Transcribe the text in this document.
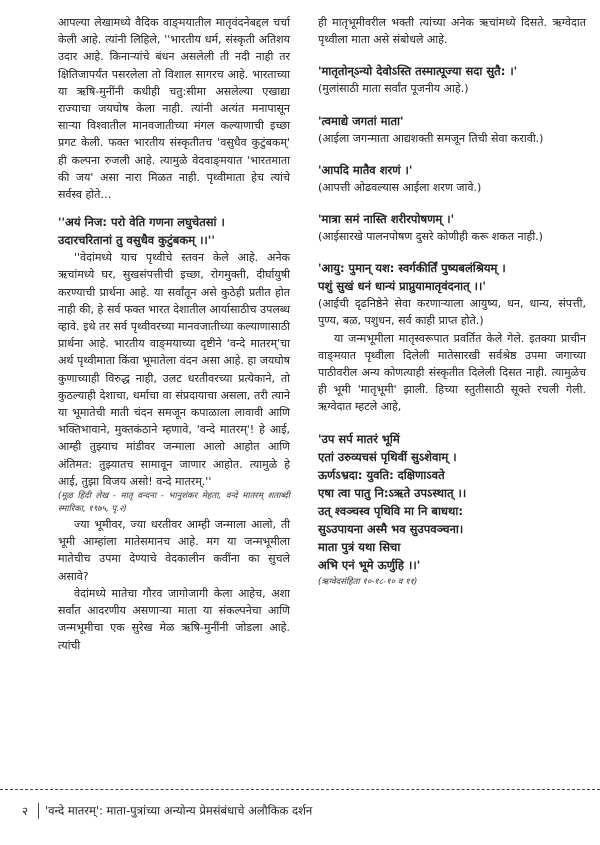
आपल्या लेखामध्ये वैदिक वाङ्‍मयातील मातृवंदनेबद्दल चर्चा केली आहे. त्यांनी लिहिले, ''भारतीय धर्म, संस्कृती अतिशय उदार आहे. किनाऱ्यांचे बंधन असलेली ती नदी नाही तर क्षितिजापर्यंत पसरलेला तो विशाल सागरच आहे. भारताच्या या ऋषि-मुनींनी कधीही चतु:सीमा असलेल्या एखाद्या राज्याचा जयघोष केला नाही. त्यांनी अत्यंत मनापासून साऱ्या विश्वातील मानवजातीच्या मंगल कल्याणाची इच्छा प्रगट केली. फक्त भारतीय संस्कृतीतच 'वसुधैव कुटुंबकम्‌' ही कल्पना रुजली आहे. त्यामुळे वेदवाङ्‍मयात 'भारतमाता की जय' असा नारा मिळत नाही. पृथ्वीमाता हेच त्यांचे सर्वस्व होते…

''अयं निज: परो वेति गणना लघुचेतसां ।

उदारचरितानां तु वसुधैव कुटुंबकम्‌ ।।''

''वेदांमध्ये याच पृथ्वीचे स्तवन केले आहे. अनेक ऋचांमध्ये घर, सुखसंपत्तीची इच्छा, रोगमुक्ती, दीर्घायुषी करण्याची प्रार्थना आहे. या सर्वांतून असे कुठेही प्रतीत होत नाही की, हे सर्व फक्त भारत देशातील आर्यासाठीच उपलब्ध व्हावे. इथे तर सर्व पृथ्वीवरच्या मानवजातीच्या कल्याणासाठी प्रार्थना आहे. भारतीय वाङ्‍मयाच्या दृष्टीने 'वन्दे मातरम्‌'चा अर्थ पृथ्वीमाता किंवा भूमातेला वंदन असा आहे. हा जयघोष कुणाच्याही विरुद्ध नाही, उलट धरतीवरच्या प्रत्येकाने, तो कुठल्याही देशाचा, धर्माचा वा संप्रदायाचा असला, तरी त्याने या भूमातेची माती चंदन समजून कपाळाला लावावी आणि भक्तिभावाने, मुक्तकंठाने म्हणावे, 'वन्दे मातरम्‌'! हे आई, आम्ही तुझ्याच मांडीवर जन्माला आलो आहोत आणि अंतिमत: तुझ्यातच सामावून जाणार आहोत. त्यामुळे हे आई, तुझा विजय असो! वन्दे मातरम्‌.''

(मूळ हिंदी लेख - मातृ वन्दना - भानुशंकर मेहता, वन्दे मातरम्‌ शताब्दी स्मारिका, १९७५, पृ.२)

ज्या भूमीवर, ज्या धरतीवर आम्ही जन्माला आलो, ती भूमी आम्हांला मातेसमानच आहे. मग या जन्मभूमीला मातेचीच उपमा देण्याचे वेदकालीन कवींना का सुचले असावे?

वेदांमध्ये मातेचा गौरव जागोजागी केला आहेच, अशा सर्वांत आदरणीय असणाऱ्या माता या संकल्पनेचा आणि जन्मभूमीचा एक सुरेख मेळ ऋषि-मुनींनी जोडला आहे. त्यांची

ही मातृभूमीवरील भक्ती त्यांच्या अनेक ऋचांमध्ये दिसते. ऋग्वेदात पृथ्वीला माता असे संबोधले आहे.

'मातृतोन्ऽन्यो देवोऽस्ति तस्मात्पूज्या सदा सुतै: ।'

(मुलांसाठी माता सर्वांत पूजनीय आहे.)

'त्वमाद्ये जगतां माता'

(आईला जगन्माता आद्यशक्ती समजून तिची सेवा करावी.)

'आपदि मातैव शरणं ।'

(आपत्ती ओढवल्यास आईला शरण जावे.)

'मात्रा समं नास्ति शरीरपोषणम्‌ ।'

(आईसारखे पालनपोषण दुसरे कोणीही करू शकत नाही.)

'आयु: पुमान्‌ यश: स्वर्गकीर्तिं पुष्यबलंश्रियम्‌ ।

पशुं सुखं धनं धान्यं प्राप्नुयामातृवंदनात्‌ ।।'

(आईची दृढनिष्ठेने सेवा करणाऱ्याला आयुष्य, धन, धान्य, संपत्ती, पुण्य, बळ, पशुधन, सर्व काही प्राप्त होते.)

या जन्मभूमीला मातृस्वरूपात प्रवर्तित केले गेले. इतक्या प्राचीन वाङ्‍मयात पृथ्वीला दिलेली मातेसारखी सर्वश्रेष्ठ उपमा जगाच्या पाठीवरील अन्य कोणत्याही संस्कृतीत दिलेली दिसत नाही. त्यामुळेच ही भूमी 'मातृभूमी' झाली. हिच्या स्तुतीसाठी सूक्ते रचली गेली. ऋग्वेदात म्हटले आहे,

'उप सर्प मातरं भूमिं

एतां उरुव्यचसं पृथिवीं सुऽशेवाम्‌ ।

ऊर्णऽभ्रदा: युवति: दक्षिणाऽवते

एषा त्वा पातु नि:ऽऋते उपऽस्थात्‌ ।।

उत्‌ श्वञ्चस्व पृथिवि मा नि बाधथा:

सुऽउपायना अस्मै भव सुउपवञ्चना।

माता पुत्रं यथा सिचा

अभि एनं भूमे ऊर्णुहि ।।'

(ऋग्वेदसंहिता १०-१८-१० व ११)

२ 'वन्दे मातरम्‌': माता-पुत्रांच्या अन्योन्य प्रेमसंबंधाचे अलौकिक दर्शन
